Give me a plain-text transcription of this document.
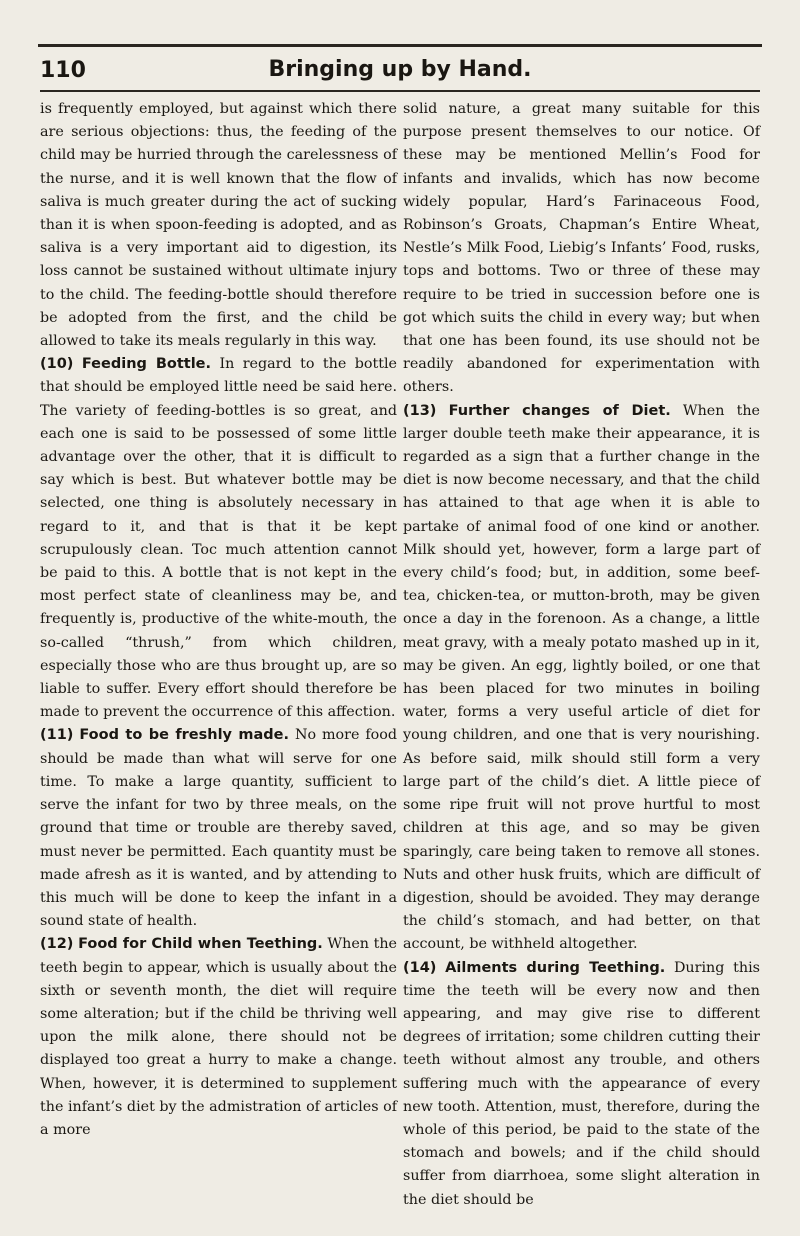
110	Bringing up by Hand.

is frequently employed, but against which there are serious objections: thus, the feeding of the child may be hurried through the carelessness of the nurse, and it is well known that the flow of saliva is much greater during the act of sucking than it is when spoon-feeding is adopted, and as saliva is a very important aid to digestion, its loss cannot be sustained without ultimate injury to the child. The feeding-bottle should therefore be adopted from the first, and the child be allowed to take its meals regularly in this way.

(10) Feeding Bottle. In regard to the bottle that should be employed little need be said here. The variety of feeding-bottles is so great, and each one is said to be possessed of some little advantage over the other, that it is difficult to say which is best. But whatever bottle may be selected, one thing is absolutely necessary in regard to it, and that is that it be kept scrupulously clean. Toc much attention cannot be paid to this. A bottle that is not kept in the most perfect state of cleanliness may be, and frequently is, productive of the white-mouth, the so-called “thrush,” from which children, especially those who are thus brought up, are so liable to suffer. Every effort should therefore be made to prevent the occurrence of this affection.

(11) Food to be freshly made. No more food should be made than what will serve for one time. To make a large quantity, sufficient to serve the infant for two by three meals, on the ground that time or trouble are thereby saved, must never be permitted. Each quantity must be made afresh as it is wanted, and by attending to this much will be done to keep the infant in a sound state of health.

(12) Food for Child when Teething. When the teeth begin to appear, which is usually about the sixth or seventh month, the diet will require some alteration; but if the child be thriving well upon the milk alone, there should not be displayed too great a hurry to make a change. When, however, it is determined to supplement the infant’s diet by the admistration of articles of a more

solid nature, a great many suitable for this purpose present themselves to our notice. Of these may be mentioned Mellin’s Food for infants and invalids, which has now become widely popular, Hard’s Farinaceous Food, Robinson’s Groats, Chapman’s Entire Wheat, Nestle’s Milk Food, Liebig’s Infants’ Food, rusks, tops and bottoms. Two or three of these may require to be tried in succession before one is got which suits the child in every way; but when that one has been found, its use should not be readily abandoned for experimentation with others.

(13) Further changes of Diet. When the larger double teeth make their appearance, it is regarded as a sign that a further change in the diet is now become necessary, and that the child has attained to that age when it is able to partake of animal food of one kind or another. Milk should yet, however, form a large part of every child’s food; but, in addition, some beef-tea, chicken-tea, or mutton-broth, may be given once a day in the forenoon. As a change, a little meat gravy, with a mealy potato mashed up in it, may be given. An egg, lightly boiled, or one that has been placed for two minutes in boiling water, forms a very useful article of diet for young children, and one that is very nourishing. As before said, milk should still form a very large part of the child’s diet. A little piece of some ripe fruit will not prove hurtful to most children at this age, and so may be given sparingly, care being taken to remove all stones. Nuts and other husk fruits, which are difficult of digestion, should be avoided. They may derange the child’s stomach, and had better, on that account, be withheld altogether.

(14) Ailments during Teething. During this time the teeth will be every now and then appearing, and may give rise to different degrees of irritation; some children cutting their teeth without almost any trouble, and others suffering much with the appearance of every new tooth. Attention, must, therefore, during the whole of this period, be paid to the state of the stomach and bowels; and if the child should suffer from diarrhoea, some slight alteration in the diet should be
